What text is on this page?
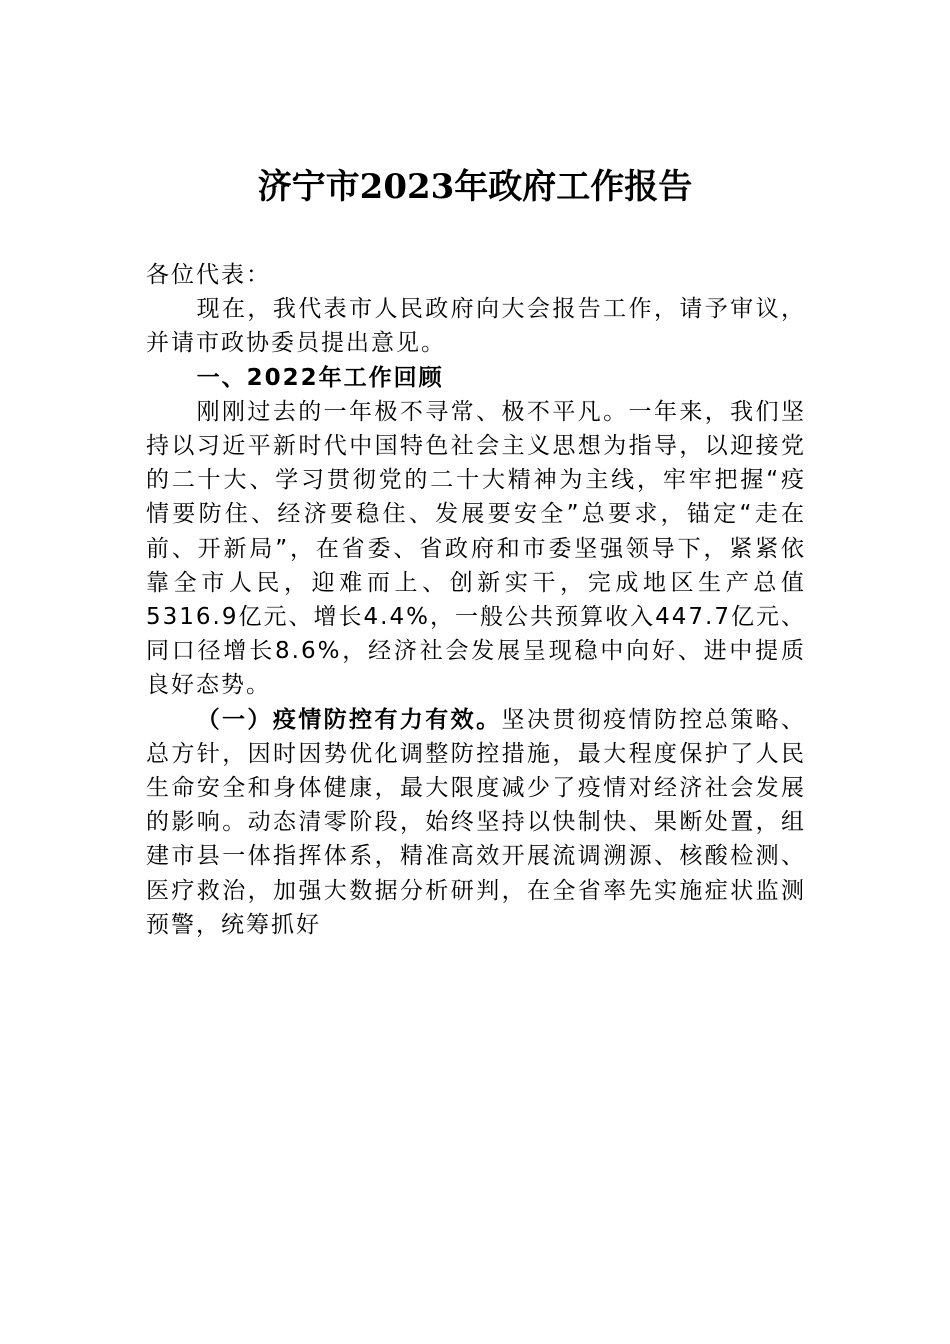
济宁市2023年政府工作报告

各位代表：

现在，我代表市人民政府向大会报告工作，请予审议，并请市政协委员提出意见。

一、2022年工作回顾

刚刚过去的一年极不寻常、极不平凡。一年来，我们坚持以习近平新时代中国特色社会主义思想为指导，以迎接党的二十大、学习贯彻党的二十大精神为主线，牢牢把握“疫情要防住、经济要稳住、发展要安全”总要求，锚定“走在前、开新局”，在省委、省政府和市委坚强领导下，紧紧依靠全市人民，迎难而上、创新实干，完成地区生产总值5316.9亿元、增长4.4%，一般公共预算收入447.7亿元、同口径增长8.6%，经济社会发展呈现稳中向好、进中提质良好态势。

（一）疫情防控有力有效。坚决贯彻疫情防控总策略、总方针，因时因势优化调整防控措施，最大程度保护了人民生命安全和身体健康，最大限度减少了疫情对经济社会发展的影响。动态清零阶段，始终坚持以快制快、果断处置，组建市县一体指挥体系，精准高效开展流调溯源、核酸检测、医疗救治，加强大数据分析研判，在全省率先实施症状监测预警，统筹抓好
